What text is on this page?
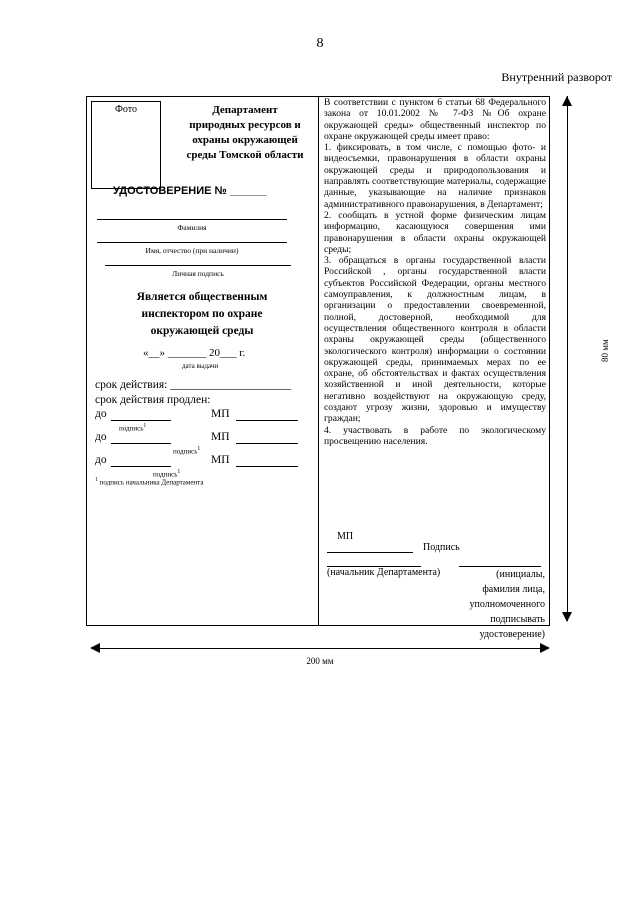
8
Внутренний разворот
Фото	Департамент
природных ресурсов и
охраны окружающей
среды Томской области
УДОСТОВЕРЕНИЕ № ______
Фамилия
Имя, отчество (при наличии)
Личная подпись
Является общественным
инспектором по охране
окружающей среды
«__» _______ 20___ г.
дата выдачи
срок действия: _____________________
срок действия продлен:
до	МП
подпись$^1$
до	МП
подпись$^1$
до	МП
подпись$^1$
$^1$ подпись начальника Департамента

В соответствии с пунктом 6 статьи 68 Федерального закона от 10.01.2002 № 7-ФЗ №Об охране окружающей среды» общественный инспектор по охране окружающей среды имеет право:

1. фиксировать, в том числе, с помощью фото- и видеосъемки, правонарушения в области охраны окружающей среды и природопользования и направлять соответствующие материалы, содержащие данные, указывающие на наличие признаков административного правонарушения, в Департамент;

2. сообщать в устной форме физическим лицам информацию, касающуюся совершения ими правонарушения в области охраны окружающей среды;

3. обращаться в органы государственной власти Российской , органы государственной власти субъектов Российской Федерации, органы местного самоуправления, к должностным лицам, в организации о предоставлении своевременной, полной, достоверной, необходимой для осуществления общественного контроля в области охраны окружающей среды (общественного экологического контроля) информации о состоянии окружающей среды, принимаемых мерах по ее охране, об обстоятельствах и фактах осуществления хозяйственной и иной деятельности, которые негативно воздействуют на окружающую среду, создают угрозу жизни, здоровью и имуществу граждан;

4. участвовать в работе по экологическому просвещению населения.

МП
Подпись
(начальник Департамента)	(инициалы,
фамилия лица,
уполномоченного
подписывать
удостоверение)
80 мм
200 мм
